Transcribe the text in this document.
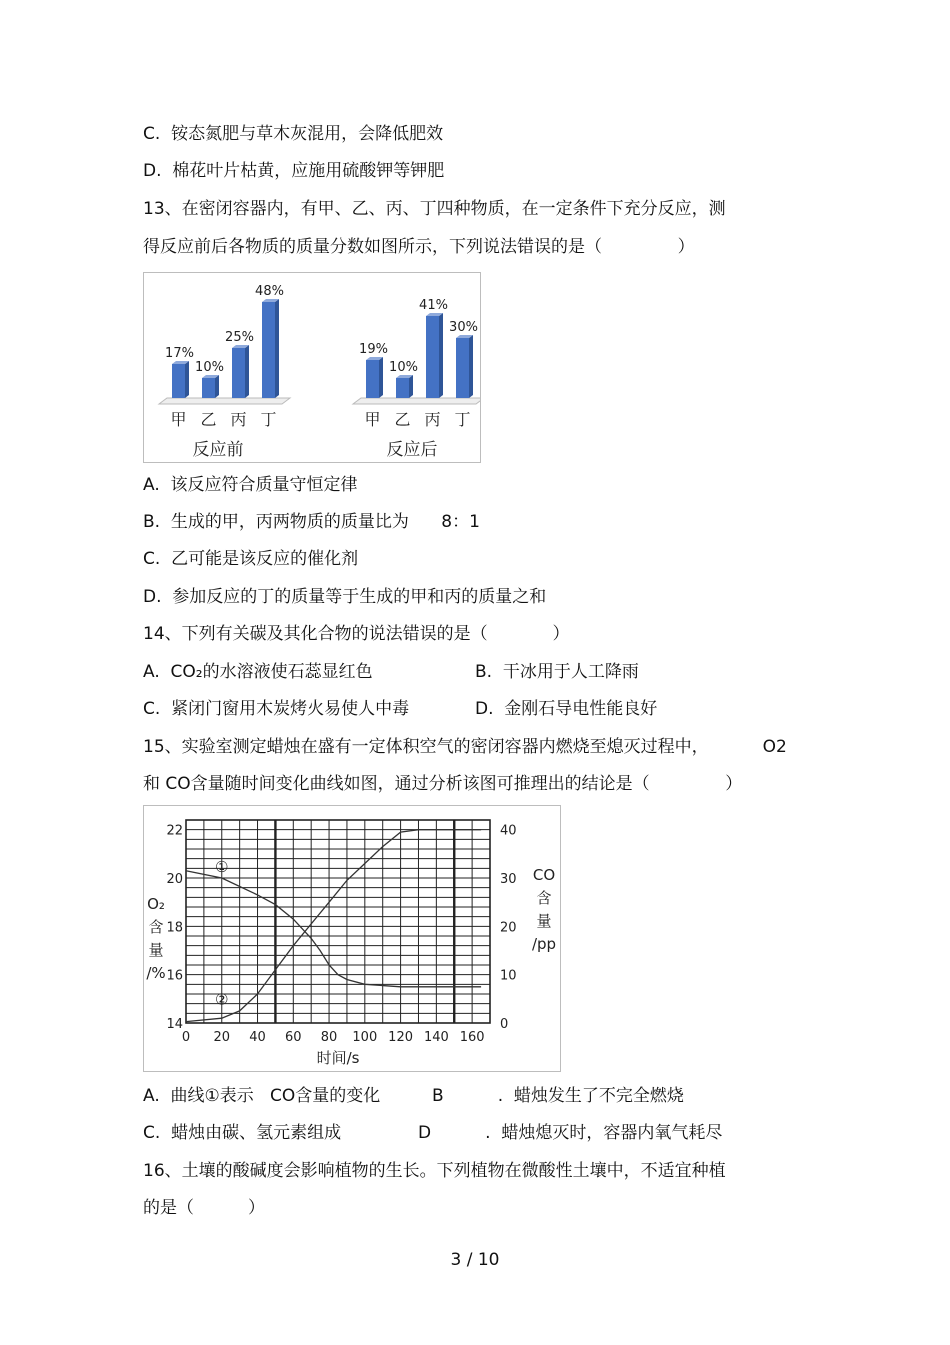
C.  铵态氮肥与草木灰混用，会降低肥效
D.  棉花叶片枯黄，应施用硫酸钾等钾肥
13、在密闭容器内，有甲、乙、丙、丁四种物质，在一定条件下充分反应，测
得反应前后各物质的质量分数如图所示，下列说法错误的是（              ）
17%
甲
10%
乙
25%
丙
48%
丁
反应前
19%
甲
10%
乙
41%
丙
30%
丁
反应后
A.  该反应符合质量守恒定律
B.  生成的甲，丙两物质的质量比为      8：1
C.  乙可能是该反应的催化剂
D.  参加反应的丁的质量等于生成的甲和丙的质量之和
14、下列有关碳及其化合物的说法错误的是（            ）
A.  CO₂的水溶液使石蕊显红色	B.  干冰用于人工降雨
C.  紧闭门窗用木炭烤火易使人中毒	D.  金刚石导电性能良好
15、实验室测定蜡烛在盛有一定体积空气的密闭容器内燃烧至熄灭过程中，          O2
和 CO含量随时间变化曲线如图，通过分析该图可推理出的结论是（              ）
0 20 40 60 80 100 120 140 160
14
16
18
20
22
0
10
20
30
40
时间/s
O₂
含
量
/%
CO
含
量
/pp
①
②
A.  曲线①表示   CO含量的变化	B          .  蜡烛发生了不完全燃烧
C.  蜡烛由碳、氢元素组成	D          .  蜡烛熄灭时，容器内氧气耗尽
16、土壤的酸碱度会影响植物的生长。下列植物在微酸性土壤中，不适宜种植
的是（          ）
3 / 10
